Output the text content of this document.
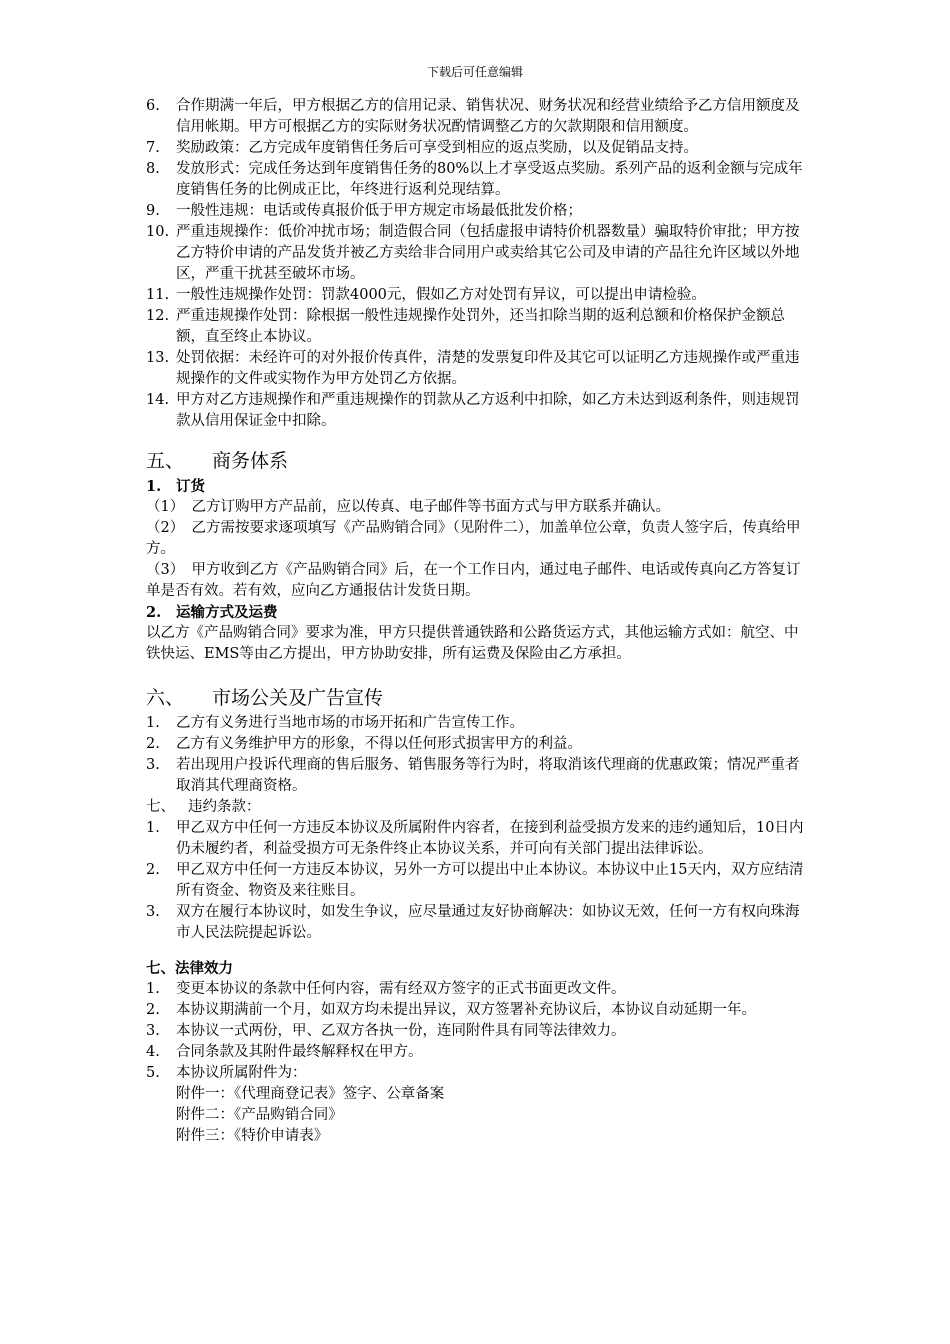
下载后可任意编辑
6. 合作期满一年后，甲方根据乙方的信用记录、销售状况、财务状况和经营业绩给予乙方信用额度及信用帐期。甲方可根据乙方的实际财务状况酌情调整乙方的欠款期限和信用额度。
7. 奖励政策：乙方完成年度销售任务后可享受到相应的返点奖励，以及促销品支持。
8. 发放形式：完成任务达到年度销售任务的80%以上才享受返点奖励。系列产品的返利金额与完成年度销售任务的比例成正比，年终进行返利兑现结算。
9. 一般性违规：电话或传真报价低于甲方规定市场最低批发价格；
10. 严重违规操作：低价冲扰市场；制造假合同（包括虚报申请特价机器数量）骗取特价审批；甲方按乙方特价申请的产品发货并被乙方卖给非合同用户或卖给其它公司及申请的产品往允许区域以外地区，严重干扰甚至破坏市场。
11. 一般性违规操作处罚：罚款4000元，假如乙方对处罚有异议，可以提出申请检验。
12. 严重违规操作处罚：除根据一般性违规操作处罚外，还当扣除当期的返利总额和价格保护金额总额，直至终止本协议。
13. 处罚依据：未经许可的对外报价传真件，清楚的发票复印件及其它可以证明乙方违规操作或严重违规操作的文件或实物作为甲方处罚乙方依据。
14. 甲方对乙方违规操作和严重违规操作的罚款从乙方返利中扣除，如乙方未达到返利条件，则违规罚款从信用保证金中扣除。
五、 商务体系
1. 订货

（1）　乙方订购甲方产品前，应以传真、电子邮件等书面方式与甲方联系并确认。

（2）　乙方需按要求逐项填写《产品购销合同》（见附件二），加盖单位公章，负责人签字后，传真给甲方。

（3）　甲方收到乙方《产品购销合同》后，在一个工作日内，通过电子邮件、电话或传真向乙方答复订单是否有效。若有效，应向乙方通报估计发货日期。

2. 运输方式及运费

以乙方《产品购销合同》要求为准，甲方只提供普通铁路和公路货运方式，其他运输方式如：航空、中铁快运、EMS等由乙方提出，甲方协助安排，所有运费及保险由乙方承担。

六、 市场公关及广告宣传
1. 乙方有义务进行当地市场的市场开拓和广告宣传工作。
2. 乙方有义务维护甲方的形象，不得以任何形式损害甲方的利益。
3. 若出现用户投诉代理商的售后服务、销售服务等行为时，将取消该代理商的优惠政策；情况严重者取消其代理商资格。
七、 违约条款：
1. 甲乙双方中任何一方违反本协议及所属附件内容者，在接到利益受损方发来的违约通知后，10日内仍未履约者，利益受损方可无条件终止本协议关系，并可向有关部门提出法律诉讼。
2. 甲乙双方中任何一方违反本协议，另外一方可以提出中止本协议。本协议中止15天内，双方应结清所有资金、物资及来往账目。
3. 双方在履行本协议时，如发生争议，应尽量通过友好协商解决：如协议无效，任何一方有权向珠海市人民法院提起诉讼。
七、法律效力
1. 变更本协议的条款中任何内容，需有经双方签字的正式书面更改文件。
2. 本协议期满前一个月，如双方均未提出异议，双方签署补充协议后，本协议自动延期一年。
3. 本协议一式两份，甲、乙双方各执一份，连同附件具有同等法律效力。
4. 合同条款及其附件最终解释权在甲方。
5. 本协议所属附件为：
附件一：《代理商登记表》签字、公章备案
附件二：《产品购销合同》
附件三：《特价申请表》
